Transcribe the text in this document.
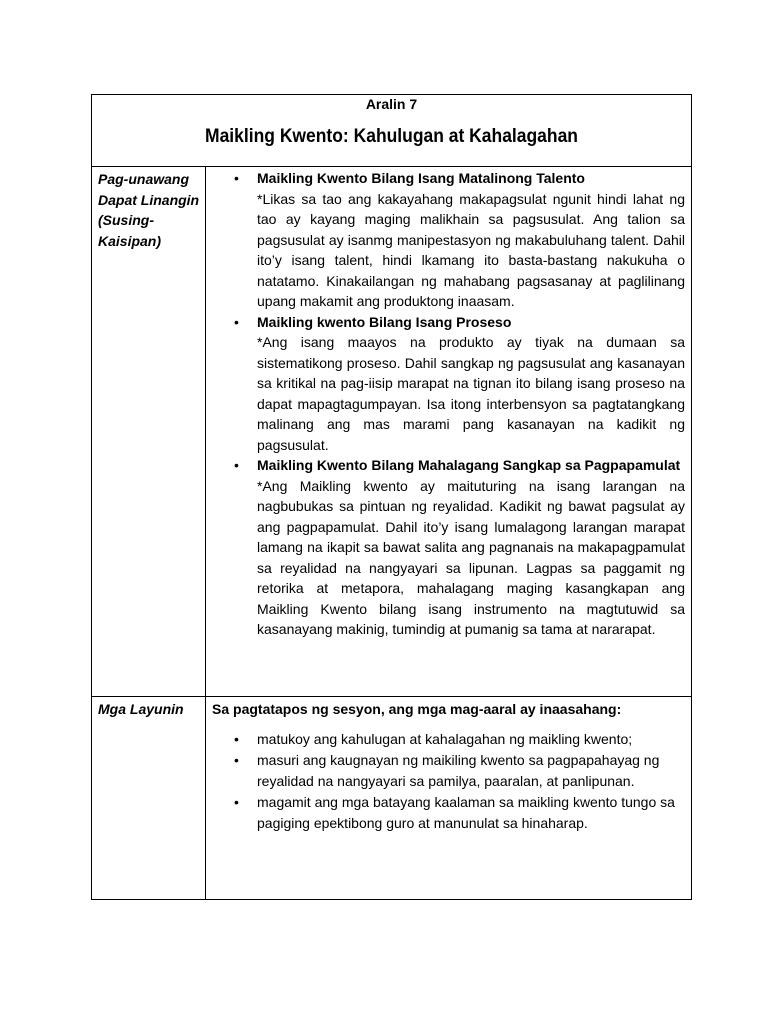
Aralin 7
Maikling Kwento: Kahulugan at Kahalagahan
Pag-unawang Dapat Linangin (Susing-Kaisipan)
• Maikling Kwento Bilang Isang Matalinong Talento
*Likas sa tao ang kakayahang makapagsulat ngunit hindi lahat ng tao ay kayang maging malikhain sa pagsusulat. Ang talion sa pagsusulat ay isanmg manipestasyon ng makabuluhang talent. Dahil ito’y isang talent, hindi lkamang ito basta-bastang nakukuha o natatamo. Kinakailangan ng mahabang pagsasanay at paglilinang upang makamit ang produktong inaasam.
• Maikling kwento Bilang Isang Proseso
*Ang isang maayos na produkto ay tiyak na dumaan sa sistematikong proseso. Dahil sangkap ng pagsusulat ang kasanayan sa kritikal na pag-iisip marapat na tignan ito bilang isang proseso na dapat mapagtagumpayan. Isa itong interbensyon sa pagtatangkang malinang ang mas marami pang kasanayan na kadikit ng pagsusulat.
• Maikling Kwento Bilang Mahalagang Sangkap sa Pagpapamulat
*Ang Maikling kwento ay maituturing na isang larangan na nagbubukas sa pintuan ng reyalidad. Kadikit ng bawat pagsulat ay ang pagpapamulat. Dahil ito’y isang lumalagong larangan marapat lamang na ikapit sa bawat salita ang pagnanais na makapagpamulat sa reyalidad na nangyayari sa lipunan. Lagpas sa paggamit ng retorika at metapora, mahalagang maging kasangkapan ang Maikling Kwento bilang isang instrumento na magtutuwid sa kasanayang makinig, tumindig at pumanig sa tama at nararapat.
Mga Layunin	Sa pagtatapos ng sesyon, ang mga mag-aaral ay inaasahang:
• matukoy ang kahulugan at kahalagahan ng maikling kwento;
• masuri ang kaugnayan ng maikiling kwento sa pagpapahayag ng reyalidad na nangyayari sa pamilya, paaralan, at panlipunan.
• magamit ang mga batayang kaalaman sa maikling kwento tungo sa pagiging epektibong guro at manunulat sa hinaharap.
